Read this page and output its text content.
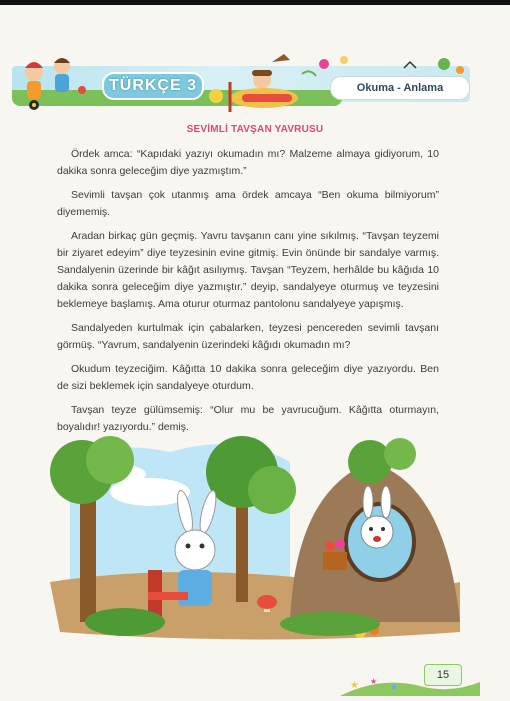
TÜRKÇE 3	Okuma - Anlama
SEVİMLİ TAVŞAN YAVRUSU

Ördek amca: “Kapıdaki yazıyı okumadın mı? Malzeme almaya gidiyorum, 10 dakika sonra geleceğim diye yazmıştım.”

Sevimli tavşan çok utanmış ama ördek amcaya “Ben okuma bilmiyorum” diyememiş.

Aradan birkaç gün geçmiş. Yavru tavşanın canı yine sıkılmış. “Tavşan teyzemi bir ziyaret edeyim” diye teyzesinin evine gitmiş. Evin önünde bir sandalye varmış. Sandalyenin üzerinde bir kâğıt asılıymış. Tavşan “Teyzem, herhâlde bu kâğıda 10 dakika sonra geleceğim diye yazmıştır.” deyip, sandalyeye oturmuş ve teyzesini beklemeye başlamış. Ama oturur oturmaz pantolonu sandalyeye yapışmış.

Sandalyeden kurtulmak için çabalarken, teyzesi pencereden sevimli tavşanı görmüş. “Yavrum, sandalyenin üzerindeki kâğıdı okumadın mı?

Okudum teyzeciğim. Kâğıtta 10 dakika sonra geleceğim diye yazıyordu. Ben de sizi beklemek için sandalyeye oturdum.

Tavşan teyze gülümsemiş: “Olur mu be yavrucuğum. Kâğıtta oturmayın, boyalıdır! yazıyordu.” demiş.

★ ★
★
15
